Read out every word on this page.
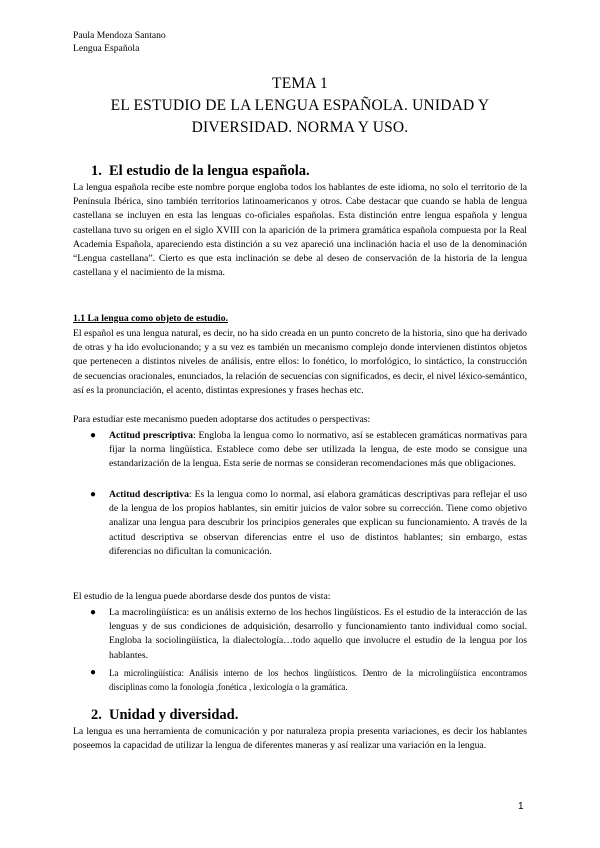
Paula Mendoza Santano
Lengua Española
TEMA 1
EL ESTUDIO DE LA LENGUA ESPAÑOLA. UNIDAD Y
DIVERSIDAD. NORMA Y USO.
1. El estudio de la lengua española.
La lengua española recibe este nombre porque engloba todos los hablantes de este idioma, no solo el territorio de la Península Ibérica, sino también territorios latinoamericanos y otros. Cabe destacar que cuando se habla de lengua castellana se incluyen en esta las lenguas co-oficiales españolas. Esta distinción entre lengua española y lengua castellana tuvo su origen en el siglo XVIII con la aparición de la primera gramática española compuesta por la Real Academia Española, apareciendo esta distinción a su vez apareció una inclinación hacia el uso de la denominación “Lengua castellana”. Cierto es que esta inclinación se debe al deseo de conservación de la historia de la lengua castellana y el nacimiento de la misma.
1.1 La lengua como objeto de estudio.
El español es una lengua natural, es decir, no ha sido creada en un punto concreto de la historia, sino que ha derivado de otras y ha ido evolucionando; y a su vez es también un mecanismo complejo donde intervienen distintos objetos que pertenecen a distintos niveles de análisis, entre ellos: lo fonético, lo morfológico, lo sintáctico, la construcción de secuencias oracionales, enunciados, la relación de secuencias con significados, es decir, el nivel léxico-semántico, así es la pronunciación, el acento, distintas expresiones y frases hechas etc.
Para estudiar este mecanismo pueden adoptarse dos actitudes o perspectivas:
● Actitud prescriptiva: Engloba la lengua como lo normativo, así se establecen gramáticas normativas para fijar la norma lingüística. Establece como debe ser utilizada la lengua, de este modo se consigue una estandarización de la lengua. Esta serie de normas se consideran recomendaciones más que obligaciones.
● Actitud descriptiva: Es la lengua como lo normal, así elabora gramáticas descriptivas para reflejar el uso de la lengua de los propios hablantes, sin emitir juicios de valor sobre su corrección. Tiene como objetivo analizar una lengua para descubrir los principios generales que explican su funcionamiento. A través de la actitud descriptiva se observan diferencias entre el uso de distintos hablantes; sin embargo, estas diferencias no dificultan la comunicación.
El estudio de la lengua puede abordarse desde dos puntos de vista:
● La macrolingüística: es un análisis externo de los hechos lingüísticos. Es el estudio de la interacción de las lenguas y de sus condiciones de adquisición, desarrollo y funcionamiento tanto individual como social. Engloba la sociolingüística, la dialectología…todo aquello que involucre el estudio de la lengua por los hablantes.
● La microlingüística: Análisis interno de los hechos lingüísticos. Dentro de la microlingüística encontramos disciplinas como la fonología ,fonética , lexicología o la gramática.
2. Unidad y diversidad.
La lengua es una herramienta de comunicación y por naturaleza propia presenta variaciones, es decir los hablantes poseemos la capacidad de utilizar la lengua de diferentes maneras y así realizar una variación en la lengua.
1
